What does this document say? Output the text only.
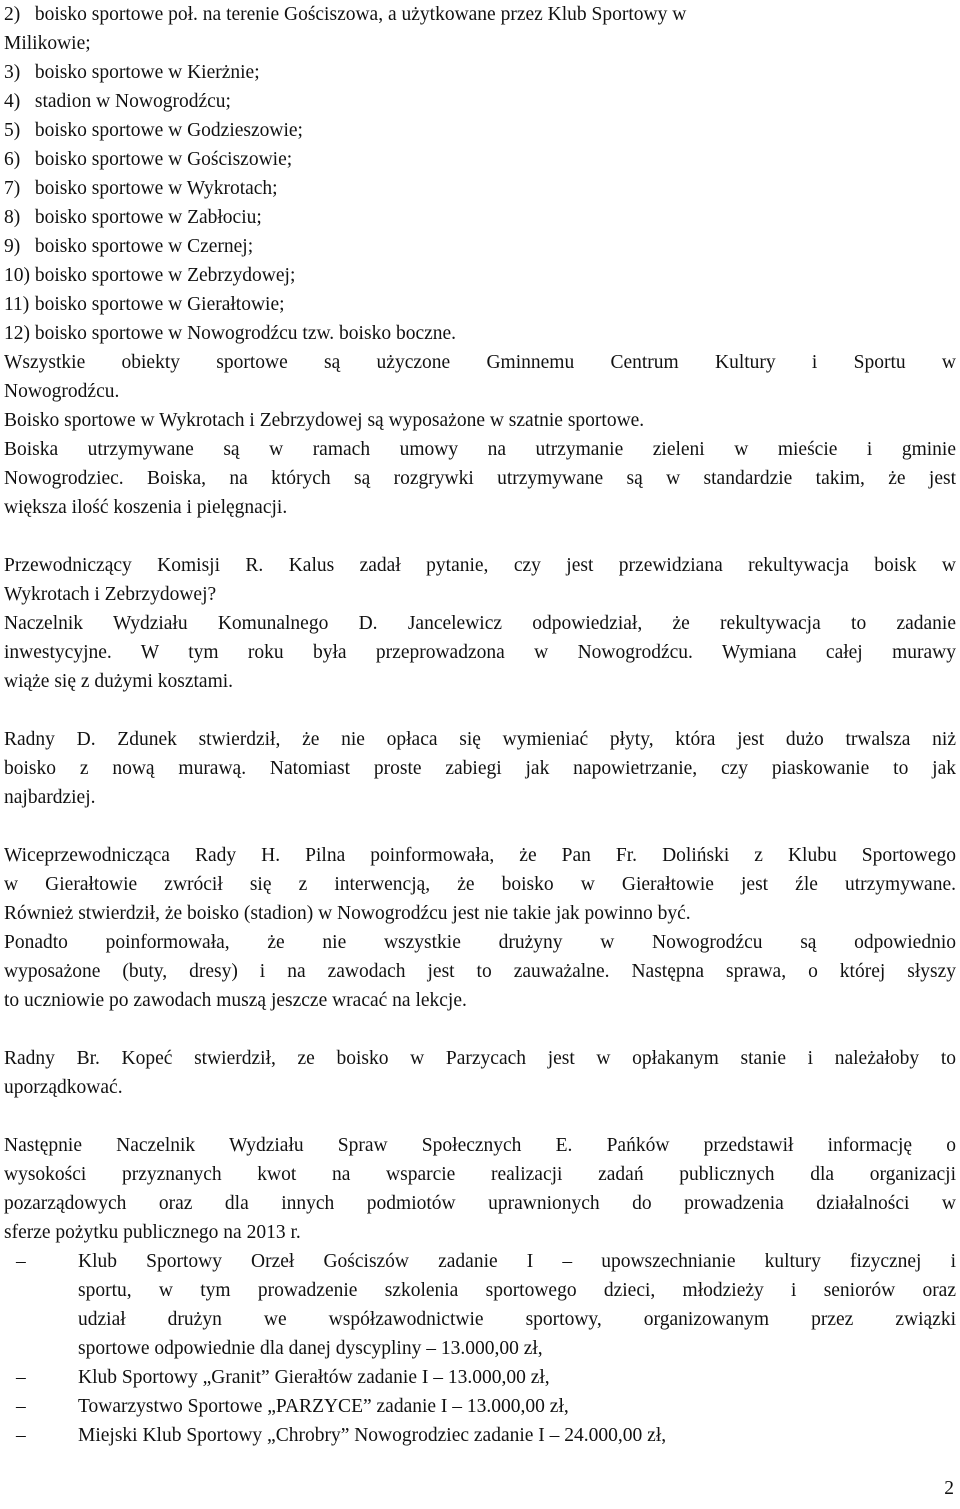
2) boisko sportowe poł. na terenie Gościszowa, a użytkowane przez Klub Sportowy w
Milikowie;
3) boisko sportowe w Kierżnie;
4) stadion w Nowogrodźcu;
5) boisko sportowe w Godzieszowie;
6) boisko sportowe w Gościszowie;
7) boisko sportowe w Wykrotach;
8) boisko sportowe w Zabłociu;
9) boisko sportowe w Czernej;
10) boisko sportowe w Zebrzydowej;
11) boisko sportowe w Gierałtowie;
12) boisko sportowe w Nowogrodźcu tzw. boisko boczne.
Wszystkie obiekty sportowe są użyczone Gminnemu Centrum Kultury i Sportu w
Nowogrodźcu.
Boisko sportowe w Wykrotach i Zebrzydowej są wyposażone w szatnie sportowe.
Boiska utrzymywane są w ramach umowy na utrzymanie zieleni w mieście i gminie
Nowogrodziec. Boiska, na których są rozgrywki utrzymywane są w standardzie takim, że jest
większa ilość koszenia i pielęgnacji.
Przewodniczący Komisji R. Kalus zadał pytanie, czy jest przewidziana rekultywacja boisk w
Wykrotach i Zebrzydowej?
Naczelnik Wydziału Komunalnego D. Jancelewicz odpowiedział, że rekultywacja to zadanie
inwestycyjne. W tym roku była przeprowadzona w Nowogrodźcu. Wymiana całej murawy
wiąże się z dużymi kosztami.
Radny D. Zdunek stwierdził, że nie opłaca się wymieniać płyty, która jest dużo trwalsza niż
boisko z nową murawą. Natomiast proste zabiegi jak napowietrzanie, czy piaskowanie to jak
najbardziej.
Wiceprzewodnicząca Rady H. Pilna poinformowała, że Pan Fr. Doliński z Klubu Sportowego
w Gierałtowie zwrócił się z interwencją, że boisko w Gierałtowie jest źle utrzymywane.
Również stwierdził, że boisko (stadion) w Nowogrodźcu jest nie takie jak powinno być.
Ponadto poinformowała, że nie wszystkie drużyny w Nowogrodźcu są odpowiednio
wyposażone (buty, dresy) i na zawodach jest to zauważalne. Następna sprawa, o której słyszy
to uczniowie po zawodach muszą jeszcze wracać na lekcje.
Radny Br. Kopeć stwierdził, ze boisko w Parzycach jest w opłakanym stanie i należałoby to
uporządkować.
Następnie Naczelnik Wydziału Spraw Społecznych E. Pańków przedstawił informację o
wysokości przyznanych kwot na wsparcie realizacji zadań publicznych dla organizacji
pozarządowych oraz dla innych podmiotów uprawnionych do prowadzenia działalności w
sferze pożytku publicznego na 2013 r.
–	Klub Sportowy Orzeł Gościszów zadanie I – upowszechnianie kultury fizycznej i
sportu, w tym prowadzenie szkolenia sportowego dzieci, młodzieży i seniorów oraz
udział drużyn we współzawodnictwie sportowy, organizowanym przez związki
sportowe odpowiednie dla danej dyscypliny – 13.000,00 zł,
–	Klub Sportowy „Granit” Gierałtów zadanie I – 13.000,00 zł,
–	Towarzystwo Sportowe „PARZYCE” zadanie I – 13.000,00 zł,
–	Miejski Klub Sportowy „Chrobry” Nowogrodziec zadanie I – 24.000,00 zł,
2
